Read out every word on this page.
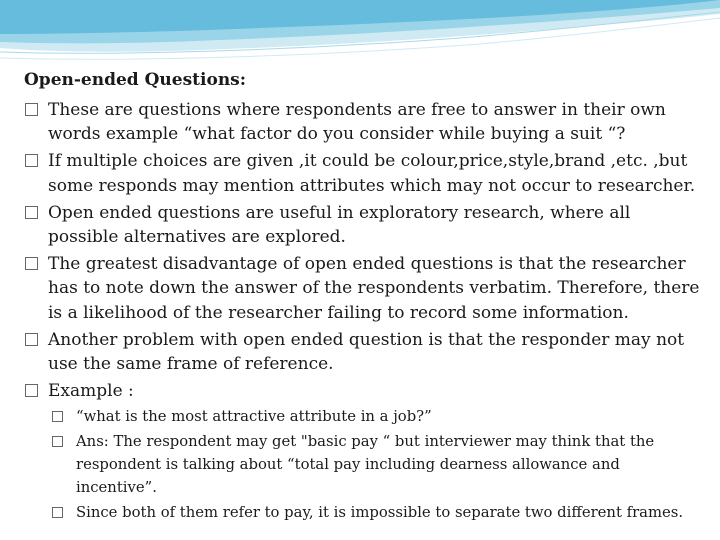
Open-ended Questions:
These are questions where respondents are free to answer in their own words example “what factor do you consider while buying a suit “?
If multiple choices are given ,it could be colour,price,style,brand ,etc. ,but some responds may mention attributes which may not occur to researcher.
Open ended questions are useful in exploratory research, where all possible alternatives are explored.
The greatest disadvantage of open ended questions is that the researcher has to note down the answer of the respondents verbatim. Therefore, there is a likelihood of the researcher failing to record some information.
Another problem with open ended question is that the responder may not use the same frame of reference.
Example :
“what is the most attractive attribute in a job?”
Ans: The respondent may get "basic pay “ but interviewer may think that the respondent is talking about “total pay including dearness allowance and incentive”.
Since both of them refer to pay, it is impossible to separate two different frames.
